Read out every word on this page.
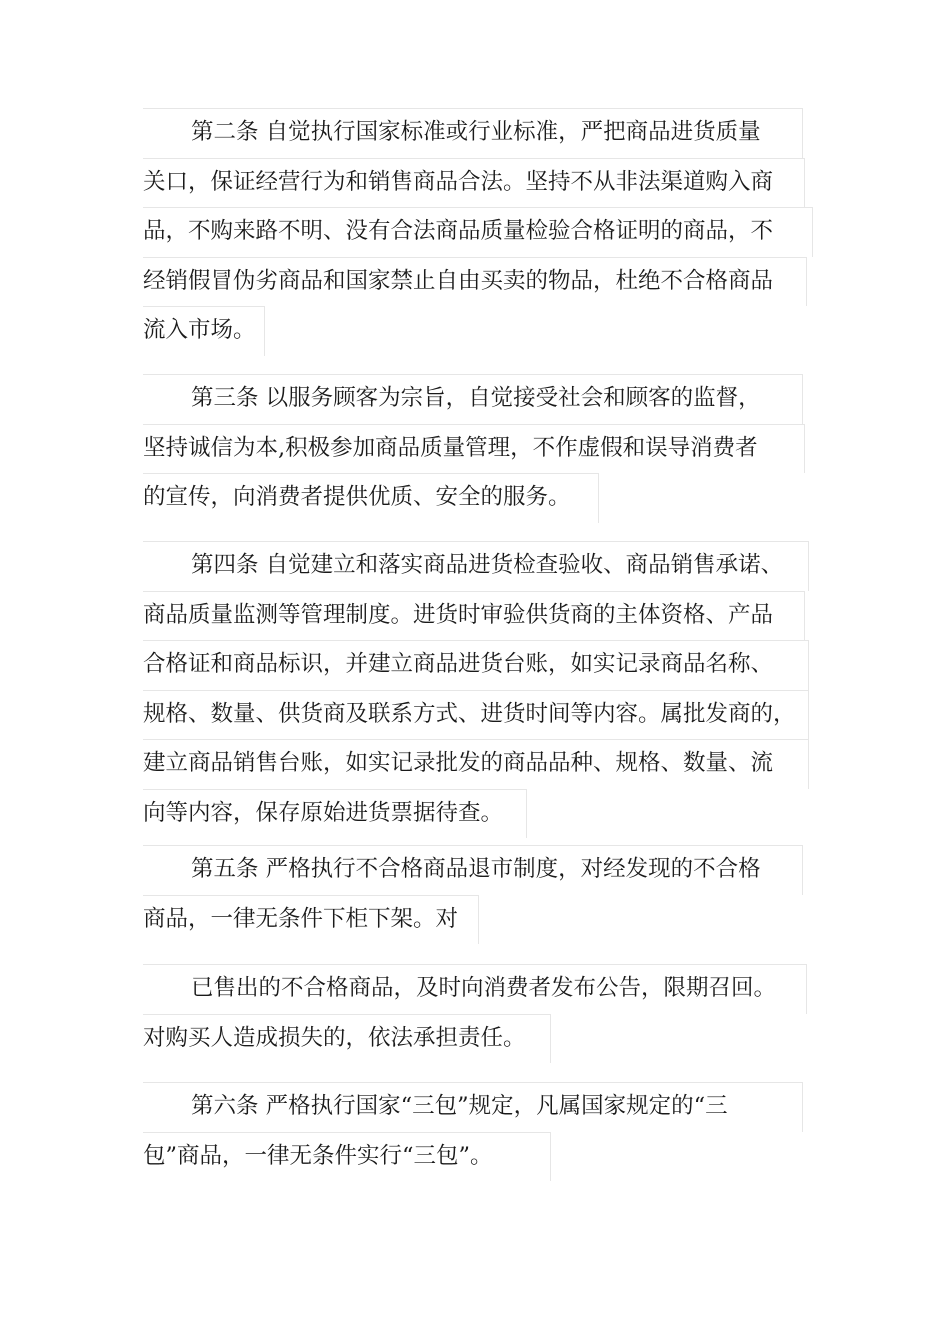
第二条 自觉执行国家标准或行业标准，严把商品进货质量
关口，保证经营行为和销售商品合法。坚持不从非法渠道购入商
品，不购来路不明、没有合法商品质量检验合格证明的商品，不
经销假冒伪劣商品和国家禁止自由买卖的物品，杜绝不合格商品
流入市场。
第三条 以服务顾客为宗旨，自觉接受社会和顾客的监督，
坚持诚信为本,积极参加商品质量管理，不作虚假和误导消费者
的宣传，向消费者提供优质、安全的服务。
第四条 自觉建立和落实商品进货检查验收、商品销售承诺、
商品质量监测等管理制度。进货时审验供货商的主体资格、产品
合格证和商品标识，并建立商品进货台账，如实记录商品名称、
规格、数量、供货商及联系方式、进货时间等内容。属批发商的，
建立商品销售台账，如实记录批发的商品品种、规格、数量、流
向等内容，保存原始进货票据待查。
第五条 严格执行不合格商品退市制度，对经发现的不合格
商品，一律无条件下柜下架。对
已售出的不合格商品，及时向消费者发布公告，限期召回。
对购买人造成损失的，依法承担责任。
第六条 严格执行国家“三包”规定，凡属国家规定的“三
包”商品，一律无条件实行“三包”。
